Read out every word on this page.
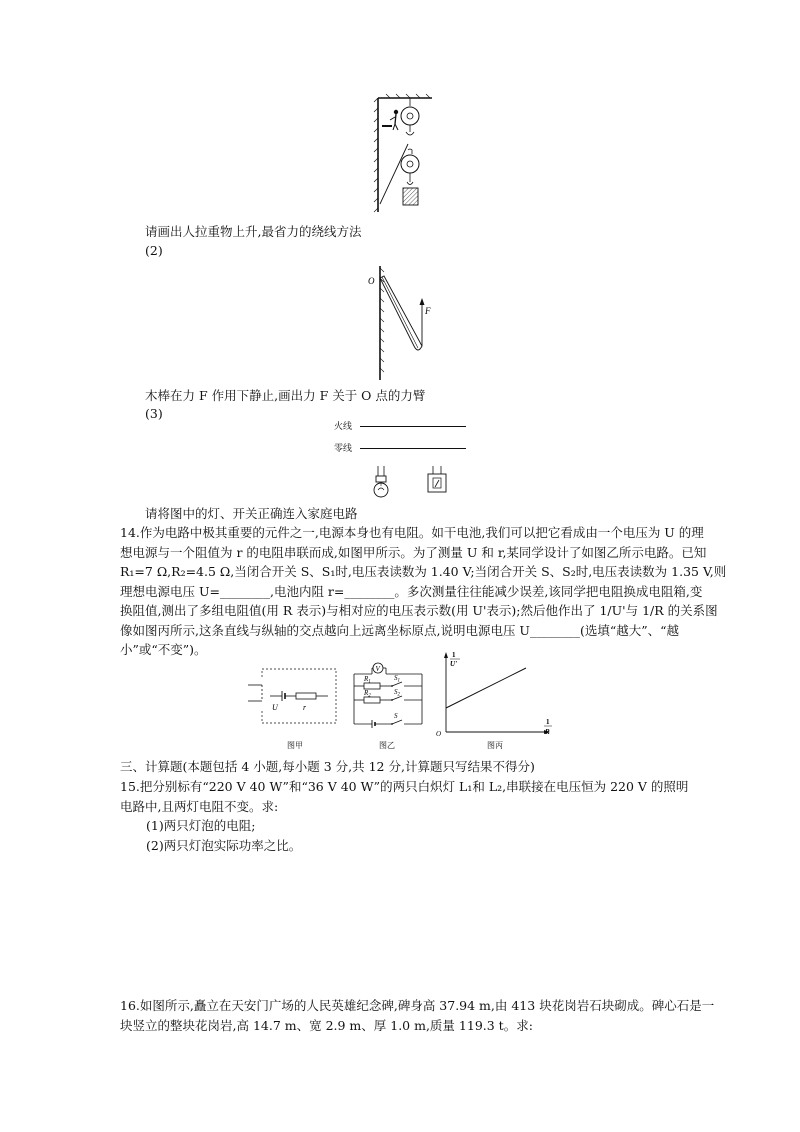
请画出人拉重物上升,最省力的绕线方法
(2)
O
F
木棒在力 F 作用下静止,画出力 F 关于 O 点的力臂
(3)
火线
零线
请将图中的灯、开关正确连入家庭电路

14.作为电路中极其重要的元件之一,电源本身也有电阻。如干电池,我们可以把它看成由一个电压为 U 的理

想电源与一个阻值为 r 的电阻串联而成,如图甲所示。为了测量 U 和 r,某同学设计了如图乙所示电路。已知

R₁=7 Ω,R₂=4.5 Ω,当闭合开关 S、S₁时,电压表读数为 1.40 V;当闭合开关 S、S₂时,电压表读数为 1.35 V,则

理想电源电压 U=________,电池内阻 r=________。多次测量往往能减少误差,该同学把电阻换成电阻箱,变

换阻值,测出了多组电阻值(用 R 表示)与相对应的电压表示数(用 U'表示);然后他作出了 1/U'与 1/R 的关系图

像如图丙所示,这条直线与纵轴的交点越向上远离坐标原点,说明电源电压 U________(选填“越大”、“越

小”或“不变”)。

U	r
图甲
V
$R_1$	$S_1$
$R_2$	$S_2$
S
图乙
1
U'
1
R
O
图丙
三、计算题(本题包括 4 小题,每小题 3 分,共 12 分,计算题只写结果不得分)

15.把分别标有“220 V 40 W”和“36 V 40 W”的两只白炽灯 L₁和 L₂,串联接在电压恒为 220 V 的照明

电路中,且两灯电阻不变。求:

(1)两只灯泡的电阻;

(2)两只灯泡实际功率之比。

16.如图所示,矗立在天安门广场的人民英雄纪念碑,碑身高 37.94 m,由 413 块花岗岩石块砌成。碑心石是一

块竖立的整块花岗岩,高 14.7 m、宽 2.9 m、厚 1.0 m,质量 119.3 t。求:
